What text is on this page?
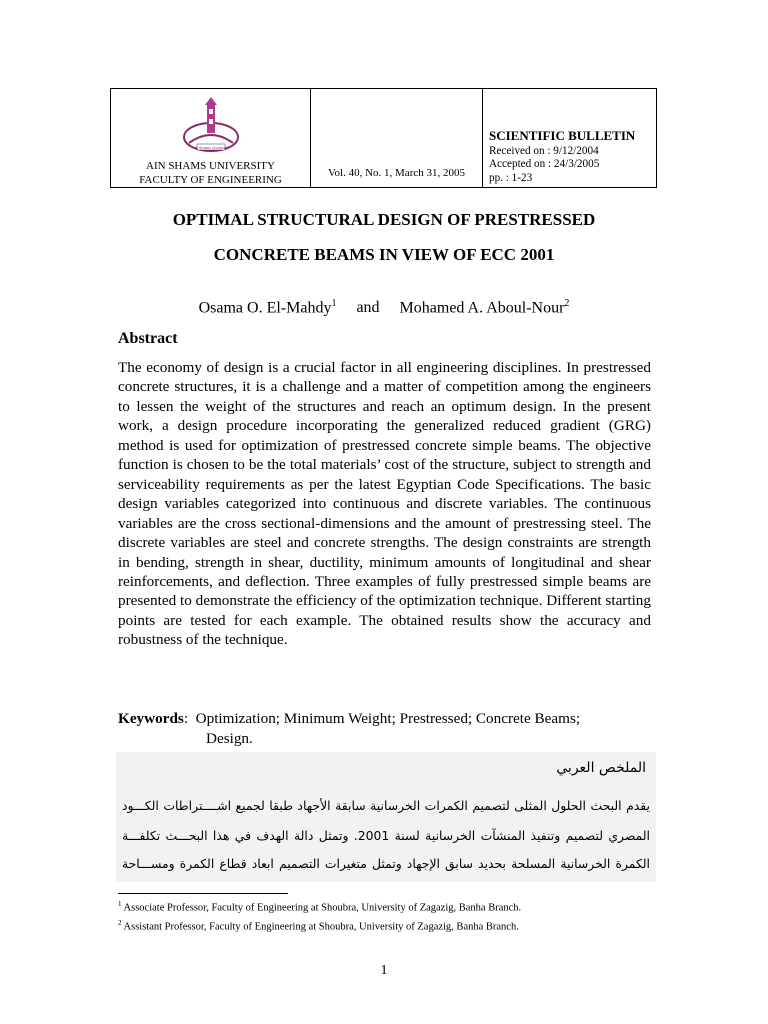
Ain Shams University
AIN SHAMS UNIVERSITY
FACULTY OF ENGINEERING
Vol. 40, No. 1, March 31, 2005
SCIENTIFIC BULLETIN
Received on : 9/12/2004
Accepted on : 24/3/2005
pp. : 1-23
OPTIMAL STRUCTURAL DESIGN OF PRESTRESSED
CONCRETE BEAMS IN VIEW OF ECC 2001
Osama O. El-Mahdy$^1$ and Mohamed A. Aboul-Nour$^2$
Abstract
The economy of design is a crucial factor in all engineering disciplines. In prestressed concrete structures, it is a challenge and a matter of competition among the engineers to lessen the weight of the structures and reach an optimum design. In the present work, a design procedure incorporating the generalized reduced gradient (GRG) method is used for optimization of prestressed concrete simple beams. The objective function is chosen to be the total materials’ cost of the structure, subject to strength and serviceability requirements as per the latest Egyptian Code Specifications. The basic design variables categorized into continuous and discrete variables. The continuous variables are the cross sectional-dimensions and the amount of prestressing steel. The discrete variables are steel and concrete strengths. The design constraints are strength in bending, strength in shear, ductility, minimum amounts of longitudinal and shear reinforcements, and deflection. Three examples of fully prestressed simple beams are presented to demonstrate the efficiency of the optimization technique. Different starting points are tested for each example. The obtained results show the accuracy and robustness of the technique.
Keywords : Optimization; Minimum Weight; Prestressed; Concrete Beams;
Design.
الملخص العربي
يقدم البحث الحلول المثلى لتصميم الكمرات الخرسانية سابقة الأجهاد طبقا لجميع اشــــتراطات الكـــود
المصري لتصميم وتنفيذ المنشآت الخرسانية لسنة 2001. وتمثل دالة الهدف في هذا البحـــث تكلفـــة
الكمرة الخرسانية المسلحة بحديد سابق الإجهاد وتمثل متغيرات التصميم ابعاد قطاع الكمرة ومســـاحة
$^1$ Associate Professor, Faculty of Engineering at Shoubra, University of Zagazig, Banha Branch.
$^2$ Assistant Professor, Faculty of Engineering at Shoubra, University of Zagazig, Banha Branch.
1
